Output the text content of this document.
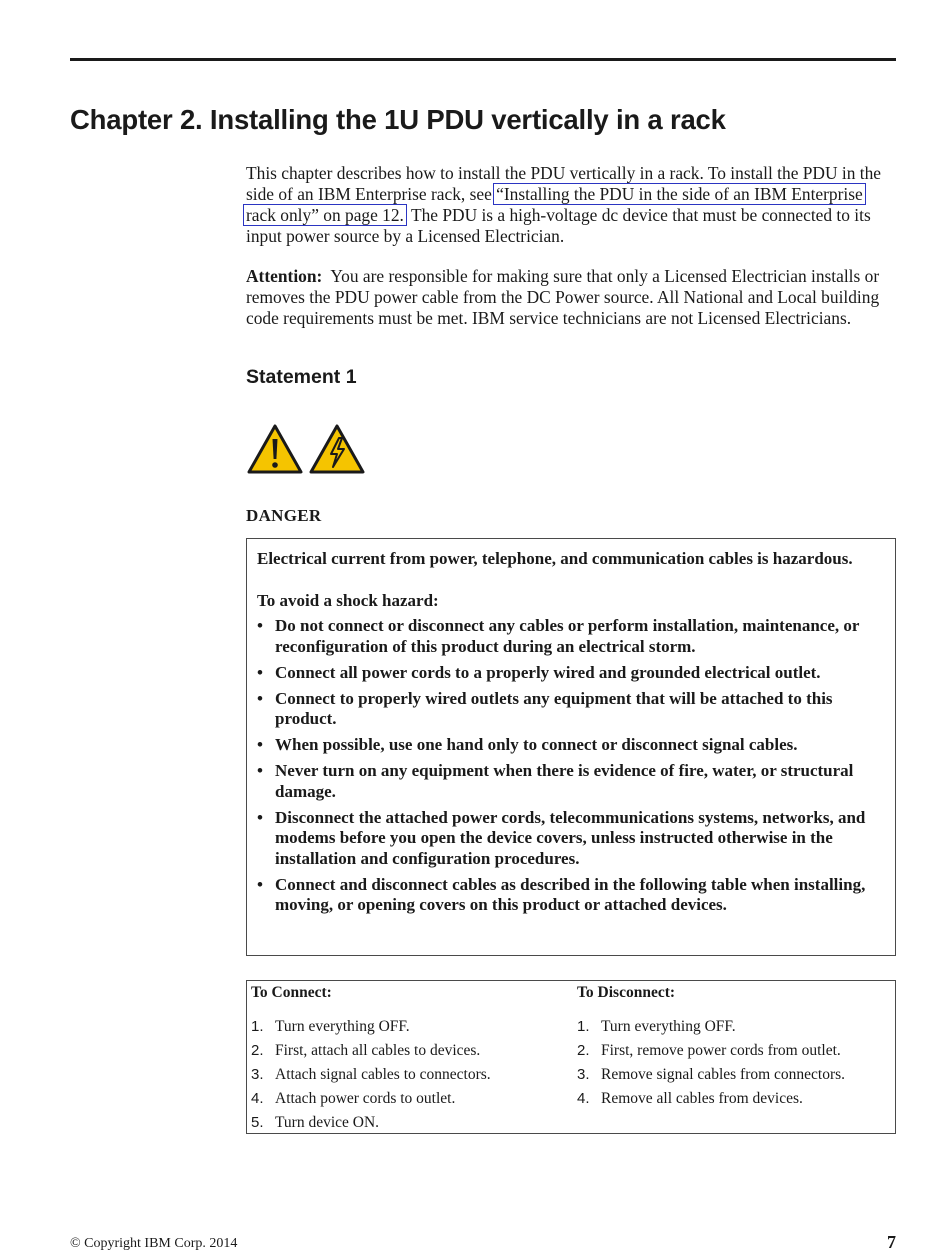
Chapter 2. Installing the 1U PDU vertically in a rack

This chapter describes how to install the PDU vertically in a rack. To install the PDU in the side of an IBM Enterprise rack, see “Installing the PDU in the side of an IBM Enterprise rack only” on page 12. The PDU is a high-voltage dc device that must be connected to its input power source by a Licensed Electrician.

Attention: You are responsible for making sure that only a Licensed Electrician installs or removes the PDU power cable from the DC Power source. All National and Local building code requirements must be met. IBM service technicians are not Licensed Electricians.

Statement 1

DANGER

Electrical current from power, telephone, and communication cables is hazardous.

To avoid a shock hazard:

• Do not connect or disconnect any cables or perform installation, maintenance, or reconfiguration of this product during an electrical storm.
• Connect all power cords to a properly wired and grounded electrical outlet.
• Connect to properly wired outlets any equipment that will be attached to this product.
• When possible, use one hand only to connect or disconnect signal cables.
• Never turn on any equipment when there is evidence of fire, water, or structural damage.
• Disconnect the attached power cords, telecommunications systems, networks, and modems before you open the device covers, unless instructed otherwise in the installation and configuration procedures.
• Connect and disconnect cables as described in the following table when installing, moving, or opening covers on this product or attached devices.
To Connect:
1. Turn everything OFF.
2. First, attach all cables to devices.
3. Attach signal cables to connectors.
4. Attach power cords to outlet.
5. Turn device ON.
To Disconnect:
1. Turn everything OFF.
2. First, remove power cords from outlet.
3. Remove signal cables from connectors.
4. Remove all cables from devices.
© Copyright IBM Corp. 2014	7
